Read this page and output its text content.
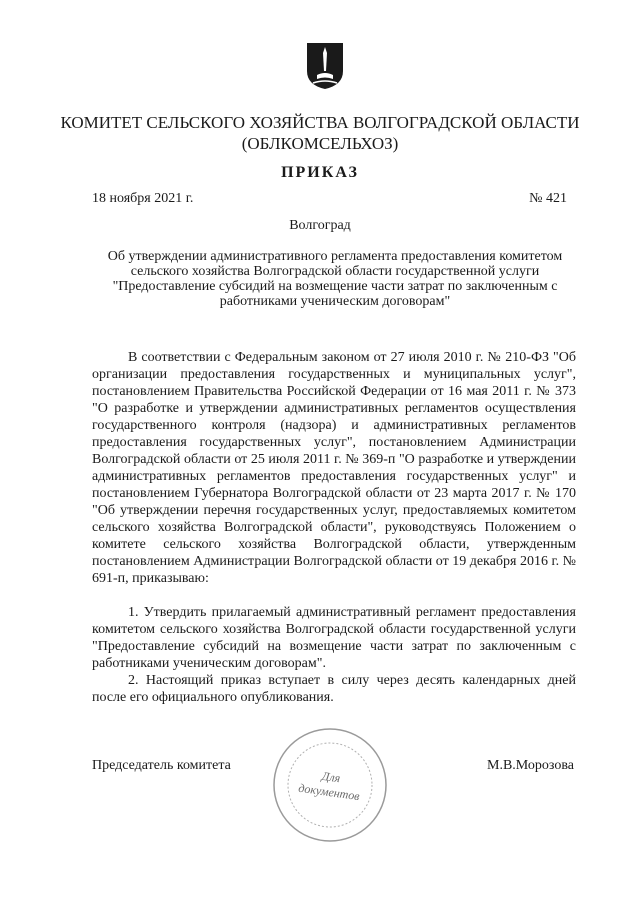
КОМИТЕТ СЕЛЬСКОГО ХОЗЯЙСТВА ВОЛГОГРАДСКОЙ ОБЛАСТИ
(ОБЛКОМСЕЛЬХОЗ)
ПРИКАЗ
18 ноября 2021 г.	№ 421
Волгоград
Об утверждении административного регламента предоставления комитетом сельского хозяйства Волгоградской области государственной услуги "Предоставление субсидий на возмещение части затрат по заключенным с работниками ученическим договорам"

В соответствии с Федеральным законом от 27 июля 2010 г. № 210-ФЗ "Об организации предоставления государственных и муниципальных услуг", постановлением Правительства Российской Федерации от 16 мая 2011 г. № 373 "О разработке и утверждении административных регламентов осуществления государственного контроля (надзора) и административных регламентов предоставления государственных услуг", постановлением Администрации Волгоградской области от 25 июля 2011 г. № 369-п "О разработке и утверждении административных регламентов предоставления государственных услуг" и постановлением Губернатора Волгоградской области от 23 марта 2017 г. № 170 "Об утверждении перечня государственных услуг, предоставляемых комитетом сельского хозяйства Волгоградской области", руководствуясь Положением о комитете сельского хозяйства Волгоградской области, утвержденным постановлением Администрации Волгоградской области от 19 декабря 2016 г. № 691-п, приказываю:

1. Утвердить прилагаемый административный регламент предоставления комитетом сельского хозяйства Волгоградской области государственной услуги "Предоставление субсидий на возмещение части затрат по заключенным с работниками ученическим договорам".

2. Настоящий приказ вступает в силу через десять календарных дней после его официального опубликования.

Председатель комитета	М.В.Морозова
Для
документов
